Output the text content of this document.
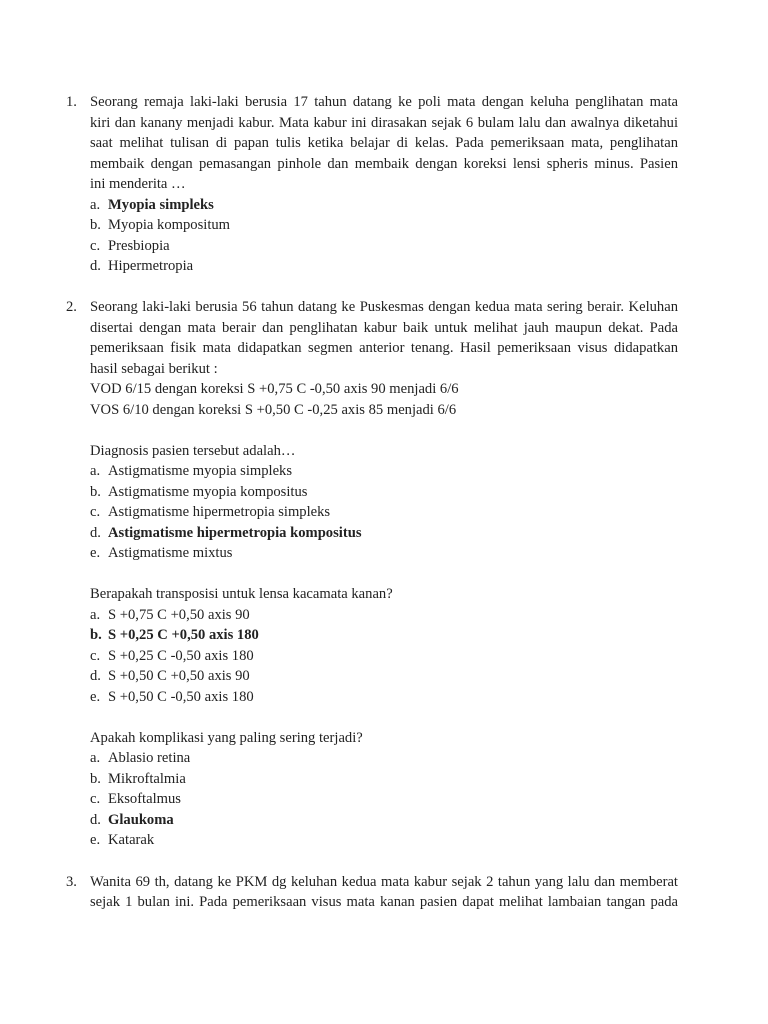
1. Seorang remaja laki-laki berusia 17 tahun datang ke poli mata dengan keluha penglihatan mata
kiri dan kanany menjadi kabur. Mata kabur ini dirasakan sejak 6 bulam lalu dan awalnya diketahui
saat melihat tulisan di papan tulis ketika belajar di kelas. Pada pemeriksaan mata, penglihatan
membaik dengan pemasangan pinhole dan membaik dengan koreksi lensi spheris minus. Pasien
ini menderita …
a. Myopia simpleks
b. Myopia kompositum
c. Presbiopia
d. Hipermetropia
2. Seorang laki-laki berusia 56 tahun datang ke Puskesmas dengan kedua mata sering berair. Keluhan
disertai dengan mata berair dan penglihatan kabur baik untuk melihat jauh maupun dekat. Pada
pemeriksaan fisik mata didapatkan segmen anterior tenang. Hasil pemeriksaan visus didapatkan
hasil sebagai berikut :
VOD 6/15 dengan koreksi S +0,75 C -0,50 axis 90 menjadi 6/6
VOS 6/10 dengan koreksi S +0,50 C -0,25 axis 85 menjadi 6/6
Diagnosis pasien tersebut adalah…
a. Astigmatisme myopia simpleks
b. Astigmatisme myopia kompositus
c. Astigmatisme hipermetropia simpleks
d. Astigmatisme hipermetropia kompositus
e. Astigmatisme mixtus
Berapakah transposisi untuk lensa kacamata kanan?
a. S +0,75 C +0,50 axis 90
b. S +0,25 C +0,50 axis 180
c. S +0,25 C -0,50 axis 180
d. S +0,50 C +0,50 axis 90
e. S +0,50 C -0,50 axis 180
Apakah komplikasi yang paling sering terjadi?
a. Ablasio retina
b. Mikroftalmia
c. Eksoftalmus
d. Glaukoma
e. Katarak
3. Wanita 69 th, datang ke PKM dg keluhan kedua mata kabur sejak 2 tahun yang lalu dan memberat
sejak 1 bulan ini. Pada pemeriksaan visus mata kanan pasien dapat melihat lambaian tangan pada
